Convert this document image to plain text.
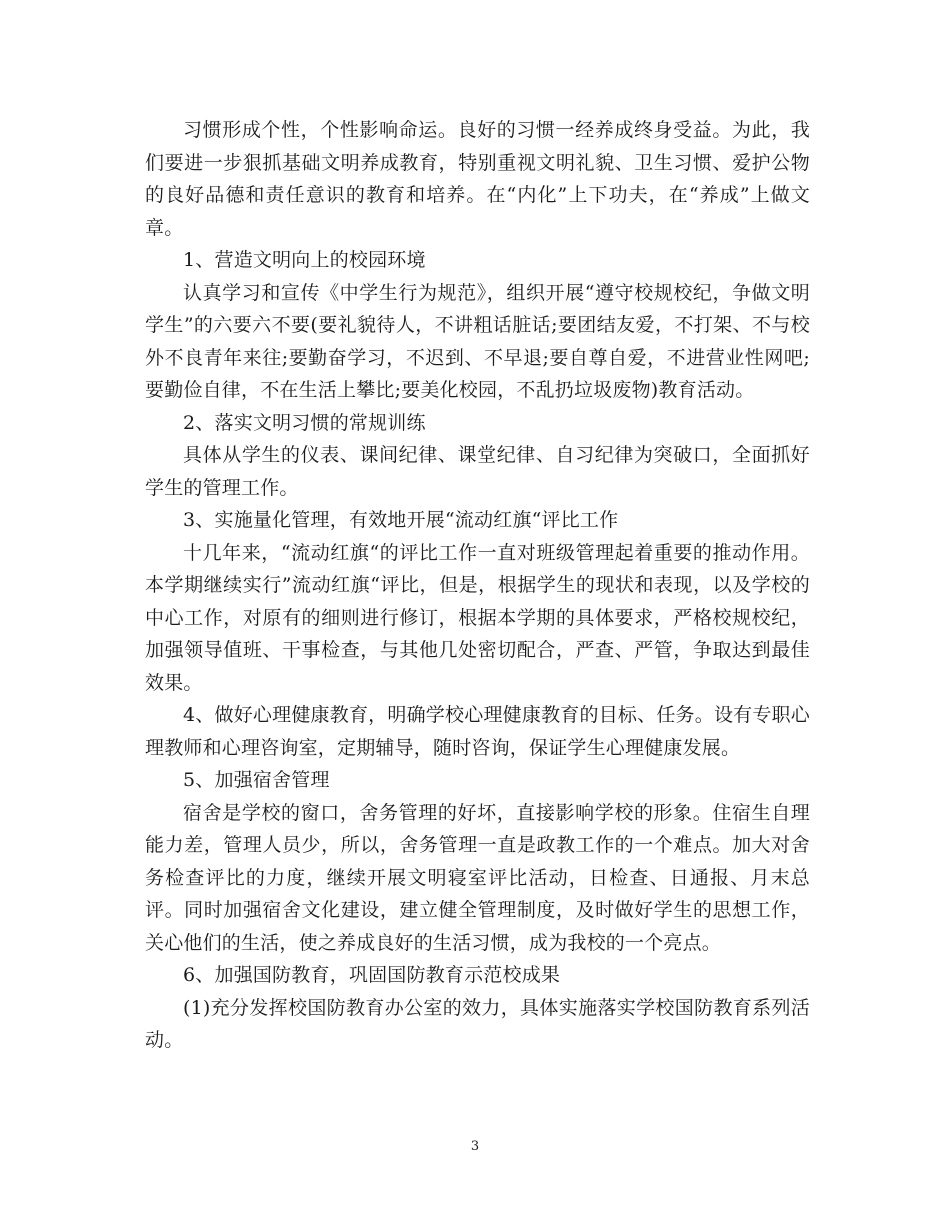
习惯形成个性，个性影响命运。良好的习惯一经养成终身受益。为此，我们要进一步狠抓基础文明养成教育，特别重视文明礼貌、卫生习惯、爱护公物的良好品德和责任意识的教育和培养。在“内化”上下功夫，在“养成”上做文章。

1、营造文明向上的校园环境

认真学习和宣传《中学生行为规范》，组织开展“遵守校规校纪，争做文明学生”的六要六不要(要礼貌待人，不讲粗话脏话;要团结友爱，不打架、不与校外不良青年来往;要勤奋学习，不迟到、不早退;要自尊自爱，不进营业性网吧;要勤俭自律，不在生活上攀比;要美化校园，不乱扔垃圾废物)教育活动。

2、落实文明习惯的常规训练

具体从学生的仪表、课间纪律、课堂纪律、自习纪律为突破口，全面抓好学生的管理工作。

3、实施量化管理，有效地开展“流动红旗“评比工作

十几年来，“流动红旗“的评比工作一直对班级管理起着重要的推动作用。本学期继续实行”流动红旗“评比，但是，根据学生的现状和表现，以及学校的中心工作，对原有的细则进行修订，根据本学期的具体要求，严格校规校纪，加强领导值班、干事检查，与其他几处密切配合，严查、严管，争取达到最佳效果。

4、做好心理健康教育，明确学校心理健康教育的目标、任务。设有专职心理教师和心理咨询室，定期辅导，随时咨询，保证学生心理健康发展。

5、加强宿舍管理

宿舍是学校的窗口，舍务管理的好坏，直接影响学校的形象。住宿生自理能力差，管理人员少，所以，舍务管理一直是政教工作的一个难点。加大对舍务检查评比的力度，继续开展文明寝室评比活动，日检查、日通报、月末总评。同时加强宿舍文化建设，建立健全管理制度，及时做好学生的思想工作，关心他们的生活，使之养成良好的生活习惯，成为我校的一个亮点。

6、加强国防教育，巩固国防教育示范校成果

(1)充分发挥校国防教育办公室的效力，具体实施落实学校国防教育系列活动。

3
